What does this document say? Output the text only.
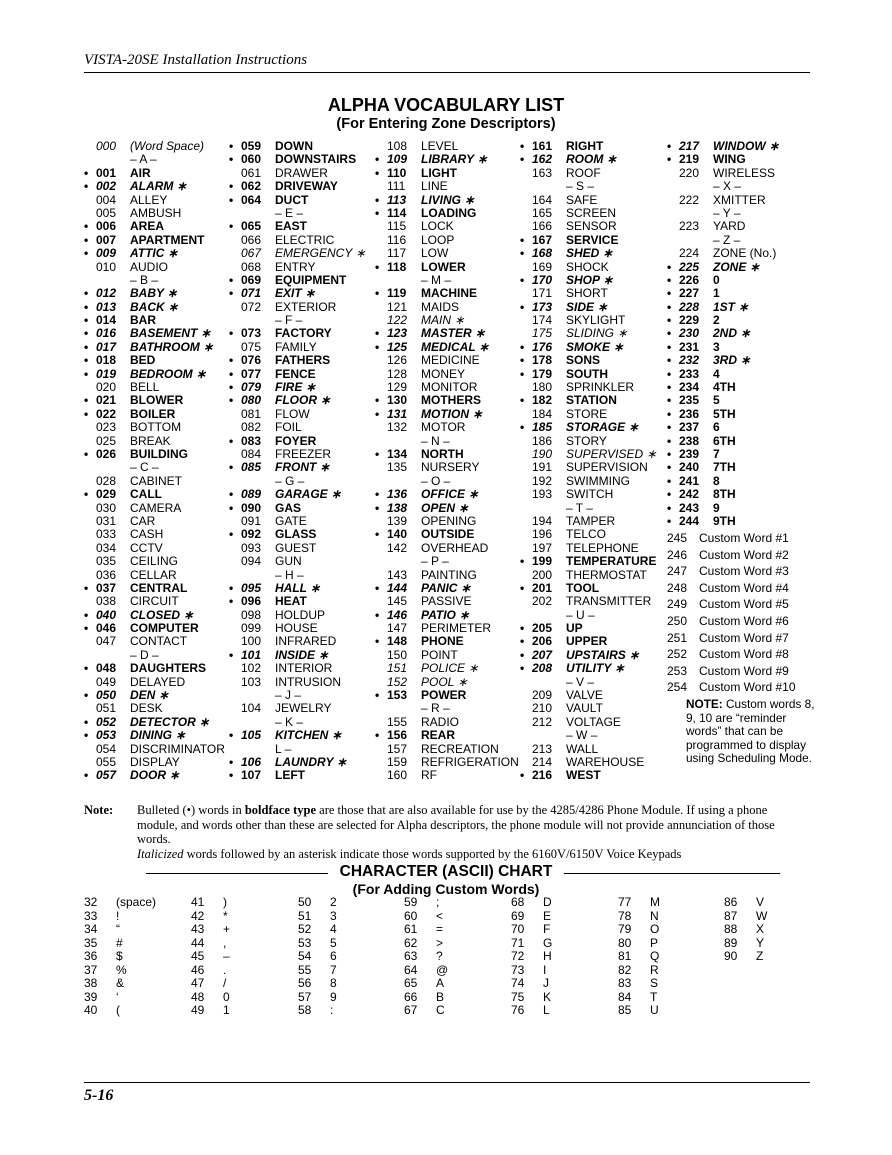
VISTA-20SE Installation Instructions
ALPHA VOCABULARY LIST
(For Entering Zone Descriptors)
000 (Word Space)
– A –
• 001 AIR
• 002 ALARM ∗
004 ALLEY
005 AMBUSH
• 006 AREA
• 007 APARTMENT
• 009 ATTIC ∗
010 AUDIO
– B –
• 012 BABY ∗
• 013 BACK ∗
• 014 BAR
• 016 BASEMENT ∗
• 017 BATHROOM ∗
• 018 BED
• 019 BEDROOM ∗
020 BELL
• 021 BLOWER
• 022 BOILER
023 BOTTOM
025 BREAK
• 026 BUILDING
– C –
028 CABINET
• 029 CALL
030 CAMERA
031 CAR
033 CASH
034 CCTV
035 CEILING
036 CELLAR
• 037 CENTRAL
038 CIRCUIT
• 040 CLOSED ∗
• 046 COMPUTER
047 CONTACT
– D –
• 048 DAUGHTERS
049 DELAYED
• 050 DEN ∗
051 DESK
• 052 DETECTOR ∗
• 053 DINING ∗
054 DISCRIMINATOR
055 DISPLAY
• 057 DOOR ∗
• 059 DOWN
• 060 DOWNSTAIRS
061 DRAWER
• 062 DRIVEWAY
• 064 DUCT
– E –
• 065 EAST
066 ELECTRIC
067 EMERGENCY ∗
068 ENTRY
• 069 EQUIPMENT
• 071 EXIT ∗
072 EXTERIOR
– F –
• 073 FACTORY
075 FAMILY
• 076 FATHERS
• 077 FENCE
• 079 FIRE ∗
• 080 FLOOR ∗
081 FLOW
082 FOIL
• 083 FOYER
084 FREEZER
• 085 FRONT ∗
– G –
• 089 GARAGE ∗
• 090 GAS
091 GATE
• 092 GLASS
093 GUEST
094 GUN
– H –
• 095 HALL ∗
• 096 HEAT
098 HOLDUP
099 HOUSE
100 INFRARED
• 101 INSIDE ∗
102 INTERIOR
103 INTRUSION
– J –
104 JEWELRY
– K –
• 105 KITCHEN ∗
L –
• 106 LAUNDRY ∗
• 107 LEFT
108 LEVEL
• 109 LIBRARY ∗
• 110 LIGHT
111 LINE
• 113 LIVING ∗
• 114 LOADING
115 LOCK
116 LOOP
117 LOW
• 118 LOWER
– M –
• 119 MACHINE
121 MAIDS
122 MAIN ∗
• 123 MASTER ∗
• 125 MEDICAL ∗
126 MEDICINE
128 MONEY
129 MONITOR
• 130 MOTHERS
• 131 MOTION ∗
132 MOTOR
– N –
• 134 NORTH
135 NURSERY
– O –
• 136 OFFICE ∗
• 138 OPEN ∗
139 OPENING
• 140 OUTSIDE
142 OVERHEAD
– P –
143 PAINTING
• 144 PANIC ∗
145 PASSIVE
• 146 PATIO ∗
147 PERIMETER
• 148 PHONE
150 POINT
151 POLICE ∗
152 POOL ∗
• 153 POWER
– R –
155 RADIO
• 156 REAR
157 RECREATION
159 REFRIGERATION
160 RF
• 161 RIGHT
• 162 ROOM ∗
163 ROOF
– S –
164 SAFE
165 SCREEN
166 SENSOR
• 167 SERVICE
• 168 SHED ∗
169 SHOCK
• 170 SHOP ∗
171 SHORT
• 173 SIDE ∗
174 SKYLIGHT
175 SLIDING ∗
• 176 SMOKE ∗
• 178 SONS
• 179 SOUTH
180 SPRINKLER
• 182 STATION
184 STORE
• 185 STORAGE ∗
186 STORY
190 SUPERVISED ∗
191 SUPERVISION
192 SWIMMING
193 SWITCH
– T –
194 TAMPER
196 TELCO
197 TELEPHONE
• 199 TEMPERATURE
200 THERMOSTAT
• 201 TOOL
202 TRANSMITTER
– U –
• 205 UP
• 206 UPPER
• 207 UPSTAIRS ∗
• 208 UTILITY ∗
– V –
209 VALVE
210 VAULT
212 VOLTAGE
– W –
213 WALL
214 WAREHOUSE
• 216 WEST
• 217 WINDOW ∗
• 219 WING
220 WIRELESS
– X –
222 XMITTER
– Y –
223 YARD
– Z –
224 ZONE (No.)
• 225 ZONE ∗
• 226 0
• 227 1
• 228 1ST ∗
• 229 2
• 230 2ND ∗
• 231 3
• 232 3RD ∗
• 233 4
• 234 4TH
• 235 5
• 236 5TH
• 237 6
• 238 6TH
• 239 7
• 240 7TH
• 241 8
• 242 8TH
• 243 9
• 244 9TH
245 Custom Word #1
246 Custom Word #2
247 Custom Word #3
248 Custom Word #4
249 Custom Word #5
250 Custom Word #6
251 Custom Word #7
252 Custom Word #8
253 Custom Word #9
254 Custom Word #10
NOTE: Custom words 8, 9, 10 are “reminder words” that can be programmed to display using Scheduling Mode.
Note: Bulleted (•) words in boldface type are those that are also available for use by the 4285/4286 Phone Module. If using a phone module, and words other than these are selected for Alpha descriptors, the phone module will not provide annunciation of those words.
Italicized words followed by an asterisk indicate those words supported by the 6160V/6150V Voice Keypads
CHARACTER (ASCII) CHART
(For Adding Custom Words)
32 (space)
33 !
34 “
35 #
36 $
37 %
38 &
39 ‘
40 (
41 )
42 *
43 +
44 ,
45 –
46 .
47 /
48 0
49 1
50 2
51 3
52 4
53 5
54 6
55 7
56 8
57 9
58 :
59 ;
60 <
61 =
62 >
63 ?
64 @
65 A
66 B
67 C
68 D
69 E
70 F
71 G
72 H
73 I
74 J
75 K
76 L
77 M
78 N
79 O
80 P
81 Q
82 R
83 S
84 T
85 U
86 V
87 W
88 X
89 Y
90 Z
5-16
